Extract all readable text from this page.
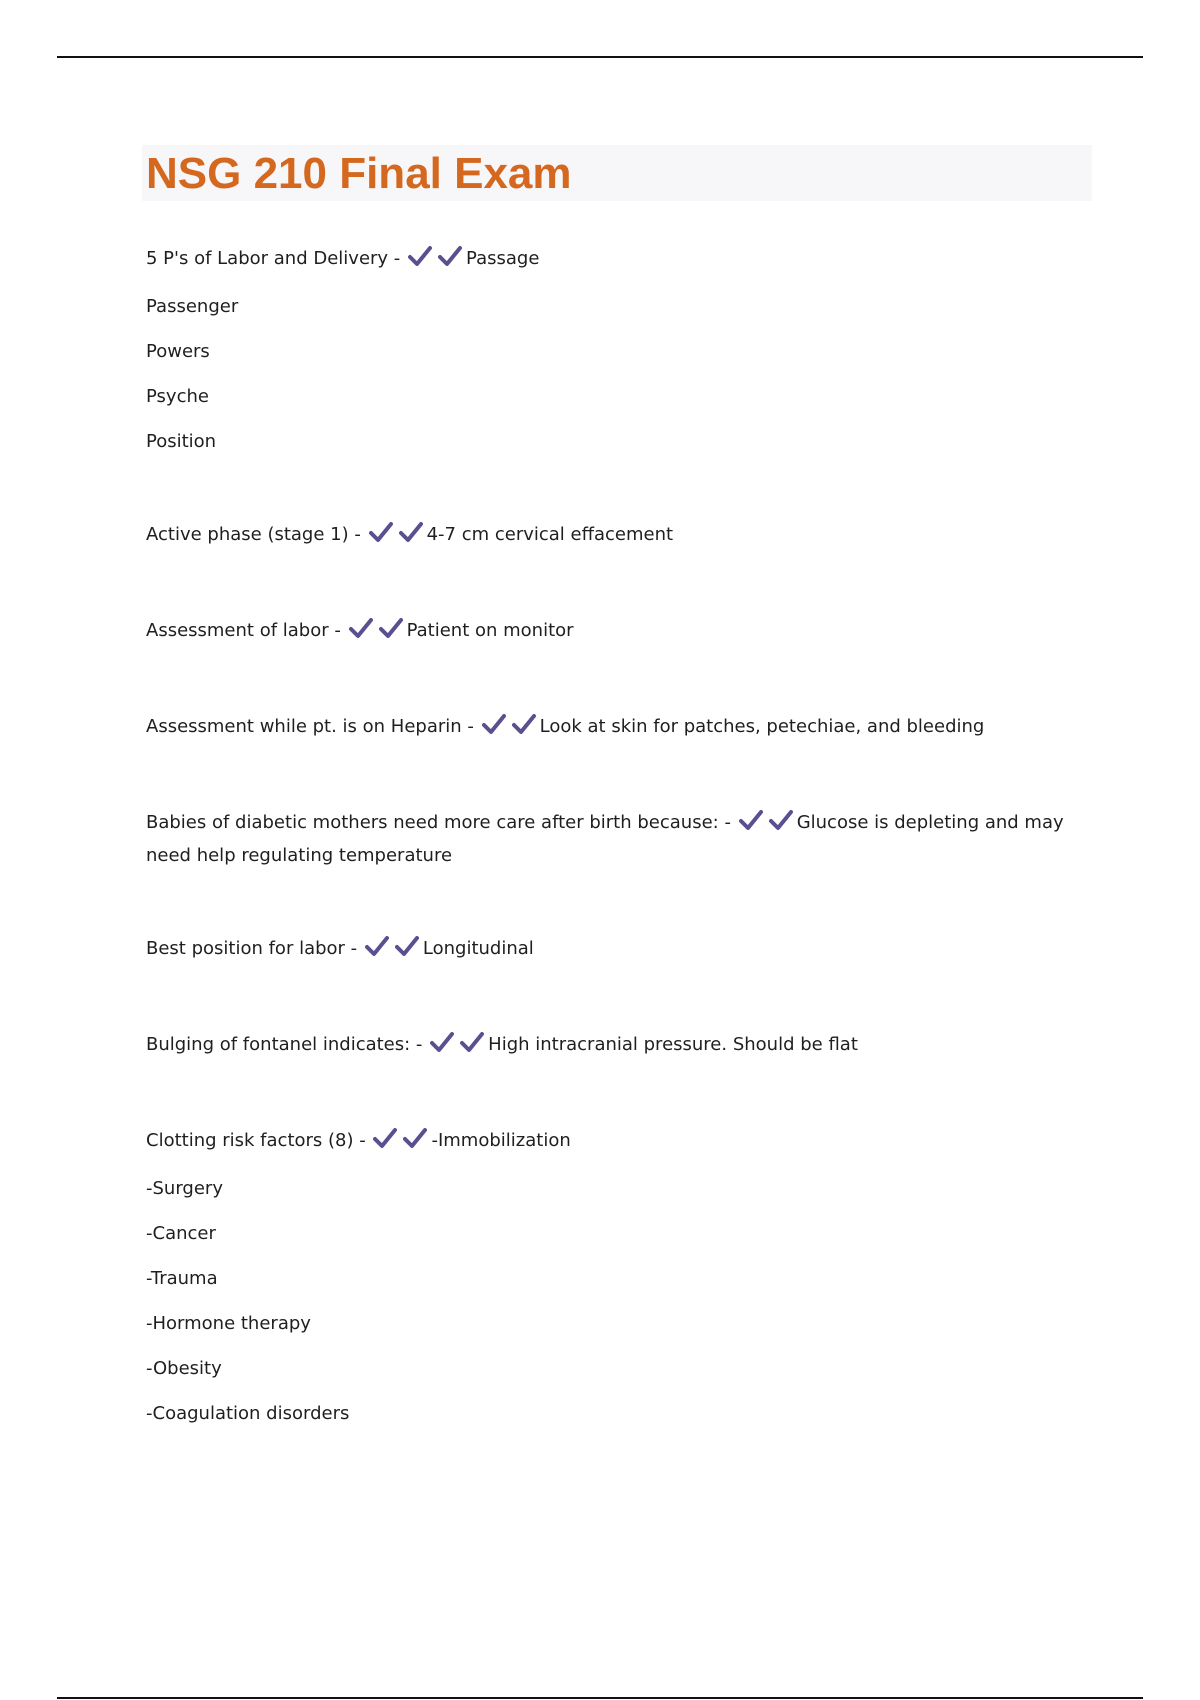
NSG 210 Final Exam

5 P's of Labor and Delivery -	Passage

Passenger

Powers

Psyche

Position

Active phase (stage 1) -	4-7 cm cervical effacement

Assessment of labor -	Patient on monitor

Assessment while pt. is on Heparin -	Look at skin for patches, petechiae, and bleeding

Babies of diabetic mothers need more care after birth because: -	Glucose is depleting and may need help regulating temperature

Best position for labor -	Longitudinal

Bulging of fontanel indicates: -	High intracranial pressure. Should be flat

Clotting risk factors (8) -	-Immobilization

-Surgery

-Cancer

-Trauma

-Hormone therapy

-Obesity

-Coagulation disorders
